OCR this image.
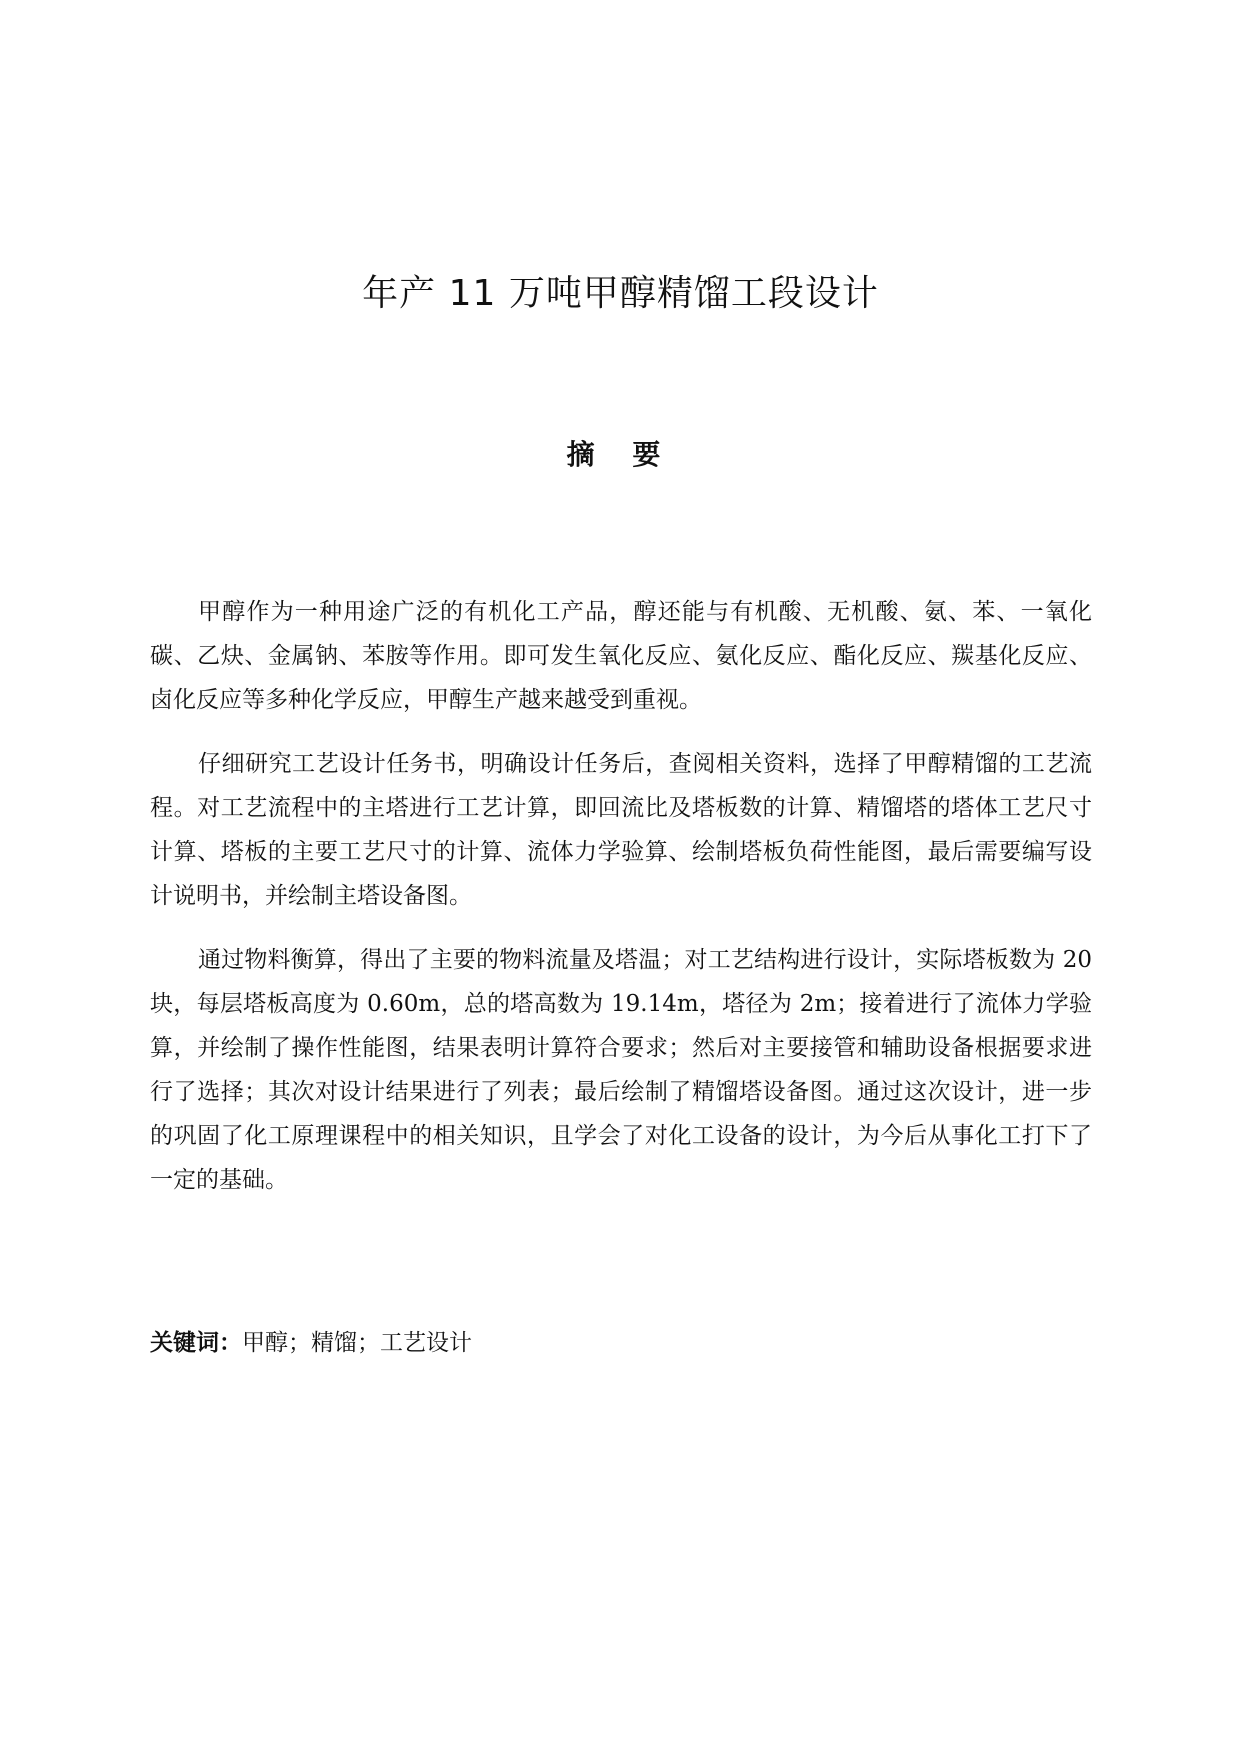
年产 11 万吨甲醇精馏工段设计
摘 要

甲醇作为一种用途广泛的有机化工产品，醇还能与有机酸、无机酸、氨、苯、一氧化碳、乙炔、金属钠、苯胺等作用。即可发生氧化反应、氨化反应、酯化反应、羰基化反应、卤化反应等多种化学反应，甲醇生产越来越受到重视。

仔细研究工艺设计任务书，明确设计任务后，查阅相关资料，选择了甲醇精馏的工艺流程。对工艺流程中的主塔进行工艺计算，即回流比及塔板数的计算、精馏塔的塔体工艺尺寸计算、塔板的主要工艺尺寸的计算、流体力学验算、绘制塔板负荷性能图，最后需要编写设计说明书，并绘制主塔设备图。

通过物料衡算，得出了主要的物料流量及塔温；对工艺结构进行设计，实际塔板数为 20 块，每层塔板高度为 0.60m，总的塔高数为 19.14m，塔径为 2m；接着进行了流体力学验算，并绘制了操作性能图，结果表明计算符合要求；然后对主要接管和辅助设备根据要求进行了选择；其次对设计结果进行了列表；最后绘制了精馏塔设备图。通过这次设计，进一步的巩固了化工原理课程中的相关知识，且学会了对化工设备的设计，为今后从事化工打下了一定的基础。

关键词：甲醇；精馏；工艺设计
